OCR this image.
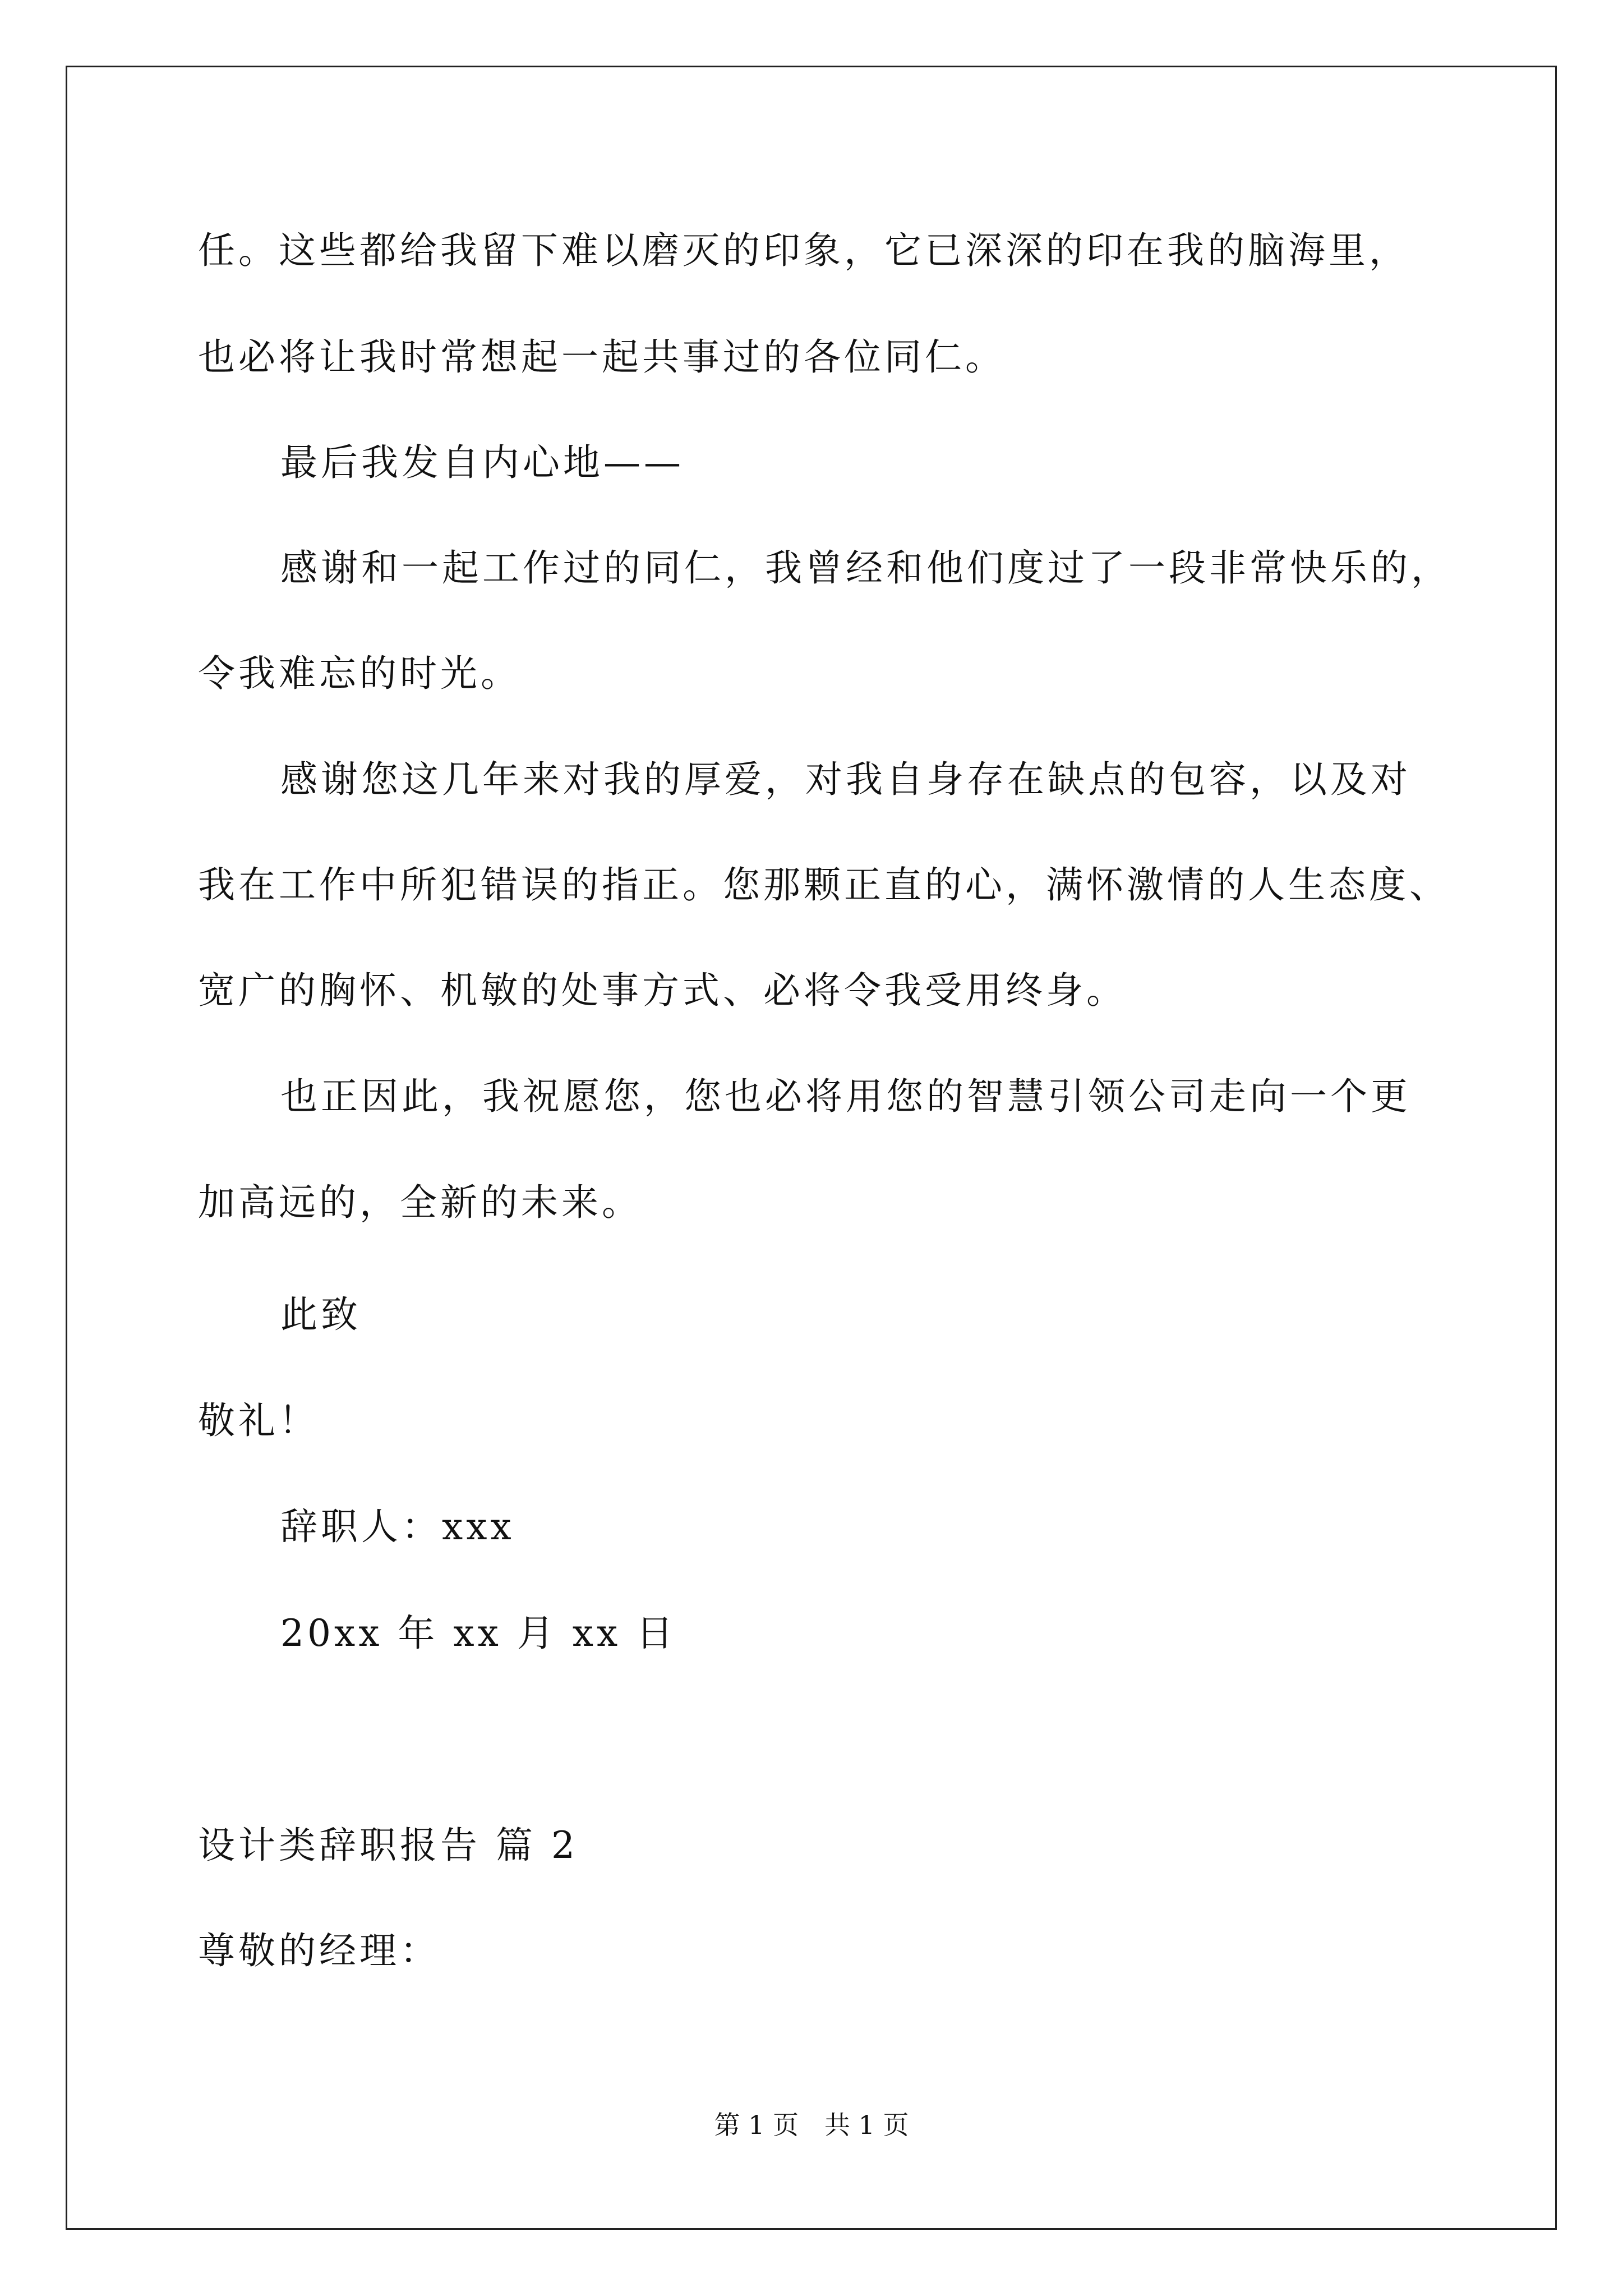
任。这些都给我留下难以磨灭的印象，它已深深的印在我的脑海里，
也必将让我时常想起一起共事过的各位同仁。
最后我发自内心地——
感谢和一起工作过的同仁，我曾经和他们度过了一段非常快乐的，
令我难忘的时光。
感谢您这几年来对我的厚爱，对我自身存在缺点的包容，以及对
我在工作中所犯错误的指正。您那颗正直的心，满怀激情的人生态度、
宽广的胸怀、机敏的处事方式、必将令我受用终身。
也正因此，我祝愿您，您也必将用您的智慧引领公司走向一个更
加高远的，全新的未来。
此致
敬礼！
辞职人：xxx
20xx 年 xx 月 xx 日
设计类辞职报告 篇 2
尊敬的经理：
第 1 页 共 1 页
